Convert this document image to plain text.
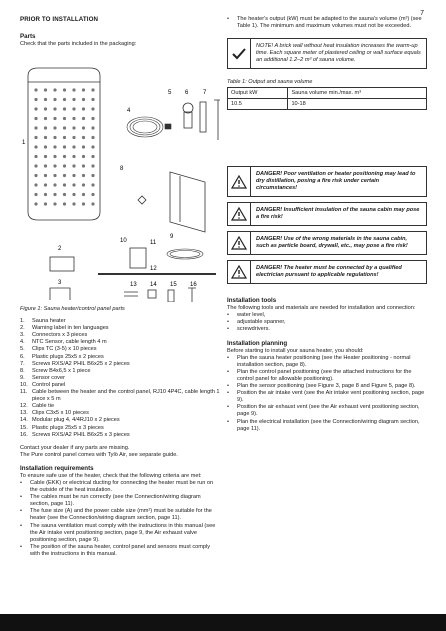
7
PRIOR TO INSTALLATION
Parts

Check that the parts included in the packaging:

1
2
3
4
5 6 7
8
9
10	11
12
13 14 15 16
Figure 1: Sauna heater/control panel parts
1.	Sauna heater
2.	Warning label in ten languages
3.	Connectors x 3 pieces
4.	NTC Sensor, cable length 4 m
5.	Clips TC (3-5) x 10 pieces
6.	Plastic plugs 25x5 x 2 pieces
7.	Screws RXS/A2 PHIL B6x25 x 2 pieces
8.	Screw B4x6,5 x 1 piece
9.	Sensor cover
10. Control panel
11. Cable between the heater and the control panel, RJ10 4P4C, cable length 1 piece x 5 m
12. Cable tie
13. Clips C3x5 x 10 pieces
14. Modular plug 4, 4/4RJ10 x 2 pieces
15. Plastic plugs 25x5 x 3 pieces
16. Screws RXS/A2 PHIL B6x25 x 3 pieces

Contact your dealer if any parts are missing.

The Pure control panel comes with Tylö Air, see separate guide.

Installation requirements

To ensure safe use of the heater, check that the following criteria are met:

•	Cable (EKK) or electrical ducting for connecting the heater must be run on the outside of the heat insulation.
•	The cables must be run correctly (see the Connection/wiring diagram section, page 11).
•	The fuse size (A) and the power cable size (mm²) must be suitable for the heater (see the Connection/wiring diagram section, page 11).
•	The sauna ventilation must comply with the instructions in this manual (see the Air intake vent positioning section, page 9, the Air exhaust valve positioning section, page 9).
•	The position of the sauna heater, control panel and sensors must comply with the instructions in this manual.
•	The heater's output (kW) must be adapted to the sauna's volume (m³) (see Table 1). The minimum and maximum volumes must not be exceeded.
NOTE! A brick wall without heat insulation increases the warm-up time. Each square meter of plastered ceiling or wall surface equals an additional 1.2–2 m³ of sauna volume.
Table 1: Output and sauna volume
Output kW	Sauna volume min./max. m³
10.5	10-18
DANGER! Poor ventilation or heater positioning may lead to dry distillation, posing a fire risk under certain circumstances!
DANGER! Insufficient insulation of the sauna cabin may pose a fire risk!
DANGER! Use of the wrong materials in the sauna cabin, such as particle board, drywall, etc., may pose a fire risk!
DANGER! The heater must be connected by a qualified electrician pursuant to applicable regulations!
Installation tools

The following tools and materials are needed for installation and connection:

•	water level,
•	adjustable spanner,
•	screwdrivers.
Installation planning

Before starting to install your sauna heater, you should:

•	Plan the sauna heater positioning (see the Heater positioning - normal installation section, page 8).
•	Plan the control panel positioning (see the attached instructions for the control panel for allowable positioning).
•	Plan the sensor positioning (see Figure 3, page 8 and Figure 5, page 8).
•	Position the air intake vent (see the Air intake vent positioning section, page 9).
•	Position the air exhaust vent (see the Air exhaust vent positioning section, page 9).
•	Plan the electrical installation (see the Connection/wiring diagram section, page 11).
